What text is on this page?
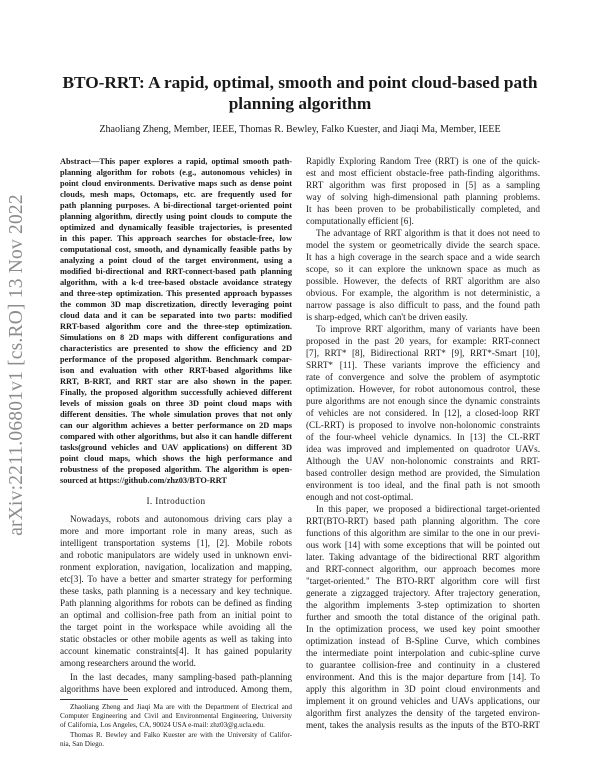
arXiv:2211.06801v1 [cs.RO] 13 Nov 2022
BTO-RRT: A rapid, optimal, smooth and point cloud-based path
planning algorithm
Zhaoliang Zheng, Member, IEEE, Thomas R. Bewley, Falko Kuester, and Jiaqi Ma, Member, IEEE
Abstract—This paper explores a rapid, optimal smooth path-
planning algorithm for robots (e.g., autonomous vehicles) in
point cloud environments. Derivative maps such as dense point
clouds, mesh maps, Octomaps, etc. are frequently used for
path planning purposes. A bi-directional target-oriented point
planning algorithm, directly using point clouds to compute the
optimized and dynamically feasible trajectories, is presented
in this paper. This approach searches for obstacle-free, low
computational cost, smooth, and dynamically feasible paths by
analyzing a point cloud of the target environment, using a
modified bi-directional and RRT-connect-based path planning
algorithm, with a k-d tree-based obstacle avoidance strategy
and three-step optimization. This presented approach bypasses
the common 3D map discretization, directly leveraging point
cloud data and it can be separated into two parts: modified
RRT-based algorithm core and the three-step optimization.
Simulations on 8 2D maps with different configurations and
characteristics are presented to show the efficiency and 2D
performance of the proposed algorithm. Benchmark compar-
ison and evaluation with other RRT-based algorithms like
RRT, B-RRT, and RRT star are also shown in the paper.
Finally, the proposed algorithm successfully achieved different
levels of mission goals on three 3D point cloud maps with
different densities. The whole simulation proves that not only
can our algorithm achieves a better performance on 2D maps
compared with other algorithms, but also it can handle different
tasks(ground vehicles and UAV applications) on different 3D
point cloud maps, which shows the high performance and
robustness of the proposed algorithm. The algorithm is open-
sourced at https://github.com/zhz03/BTO-RRT
I. Introduction
Nowadays, robots and autonomous driving cars play a
more and more important role in many areas, such as
intelligent transportation systems [1], [2]. Mobile robots
and robotic manipulators are widely used in unknown envi-
ronment exploration, navigation, localization and mapping,
etc[3]. To have a better and smarter strategy for performing
these tasks, path planning is a necessary and key technique.
Path planning algorithms for robots can be defined as finding
an optimal and collision-free path from an initial point to
the target point in the workspace while avoiding all the
static obstacles or other mobile agents as well as taking into
account kinematic constraints[4]. It has gained popularity
among researchers around the world.
In the last decades, many sampling-based path-planning
algorithms have been explored and introduced. Among them,
Zhaoliang Zheng and Jiaqi Ma are with the Department of Electrical and
Computer Engineering and Civil and Environmental Engineering, University
of California, Los Angeles, CA, 90024 USA e-mail: zhz03@g.ucla.edu.
Thomas R. Bewley and Falko Kuester are with the University of Califor-
nia, San Diego.
Rapidly Exploring Random Tree (RRT) is one of the quick-
est and most efficient obstacle-free path-finding algorithms.
RRT algorithm was first proposed in [5] as a sampling
way of solving high-dimensional path planning problems.
It has been proven to be probabilistically completed, and
computationally efficient [6].
The advantage of RRT algorithm is that it does not need to
model the system or geometrically divide the search space.
It has a high coverage in the search space and a wide search
scope, so it can explore the unknown space as much as
possible. However, the defects of RRT algorithm are also
obvious. For example, the algorithm is not deterministic, a
narrow passage is also difficult to pass, and the found path
is sharp-edged, which can't be driven easily.
To improve RRT algorithm, many of variants have been
proposed in the past 20 years, for example: RRT-connect
[7], RRT* [8], Bidirectional RRT* [9], RRT*-Smart [10],
SRRT* [11]. These variants improve the efficiency and
rate of convergence and solve the problem of asymptotic
optimization. However, for robot autonomous control, these
pure algorithms are not enough since the dynamic constraints
of vehicles are not considered. In [12], a closed-loop RRT
(CL-RRT) is proposed to involve non-holonomic constraints
of the four-wheel vehicle dynamics. In [13] the CL-RRT
idea was improved and implemented on quadrotor UAVs.
Although the UAV non-holonomic constraints and RRT-
based controller design method are provided, the Simulation
environment is too ideal, and the final path is not smooth
enough and not cost-optimal.
In this paper, we proposed a bidirectional target-oriented
RRT(BTO-RRT) based path planning algorithm. The core
functions of this algorithm are similar to the one in our previ-
ous work [14] with some exceptions that will be pointed out
later. Taking advantage of the bidirectional RRT algorithm
and RRT-connect algorithm, our approach becomes more
"target-oriented." The BTO-RRT algorithm core will first
generate a zigzagged trajectory. After trajectory generation,
the algorithm implements 3-step optimization to shorten
further and smooth the total distance of the original path.
In the optimization process, we used key point smoother
optimization instead of B-Spline Curve, which combines
the intermediate point interpolation and cubic-spline curve
to guarantee collision-free and continuity in a clustered
environment. And this is the major departure from [14]. To
apply this algorithm in 3D point cloud environments and
implement it on ground vehicles and UAVs applications, our
algorithm first analyzes the density of the targeted environ-
ment, takes the analysis results as the inputs of the BTO-RRT
